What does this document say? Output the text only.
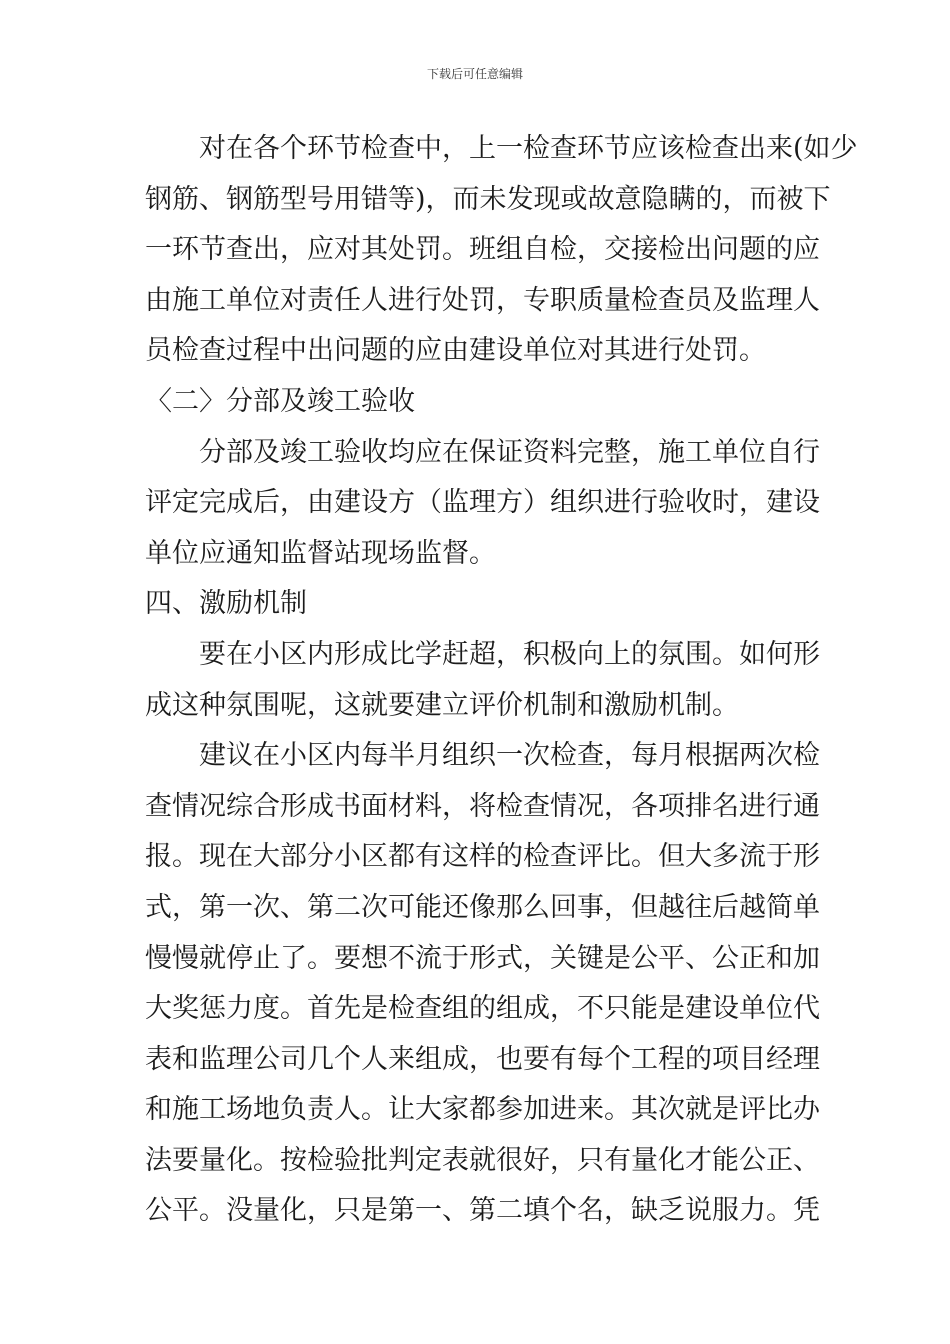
下载后可任意编辑
对在各个环节检查中，上一检查环节应该检查出来(如少
钢筋、钢筋型号用错等)，而未发现或故意隐瞒的，而被下
一环节查出，应对其处罚。班组自检，交接检出问题的应
由施工单位对责任人进行处罚，专职质量检查员及监理人
员检查过程中出问题的应由建设单位对其进行处罚。
〈二〉分部及竣工验收
分部及竣工验收均应在保证资料完整，施工单位自行
评定完成后，由建设方（监理方）组织进行验收时，建设
单位应通知监督站现场监督。
四、激励机制
要在小区内形成比学赶超，积极向上的氛围。如何形
成这种氛围呢，这就要建立评价机制和激励机制。
建议在小区内每半月组织一次检查，每月根据两次检
查情况综合形成书面材料，将检查情况，各项排名进行通
报。现在大部分小区都有这样的检查评比。但大多流于形
式，第一次、第二次可能还像那么回事，但越往后越简单
慢慢就停止了。要想不流于形式，关键是公平、公正和加
大奖惩力度。首先是检查组的组成，不只能是建设单位代
表和监理公司几个人来组成，也要有每个工程的项目经理
和施工场地负责人。让大家都参加进来。其次就是评比办
法要量化。按检验批判定表就很好，只有量化才能公正、
公平。没量化，只是第一、第二填个名，缺乏说服力。凭
